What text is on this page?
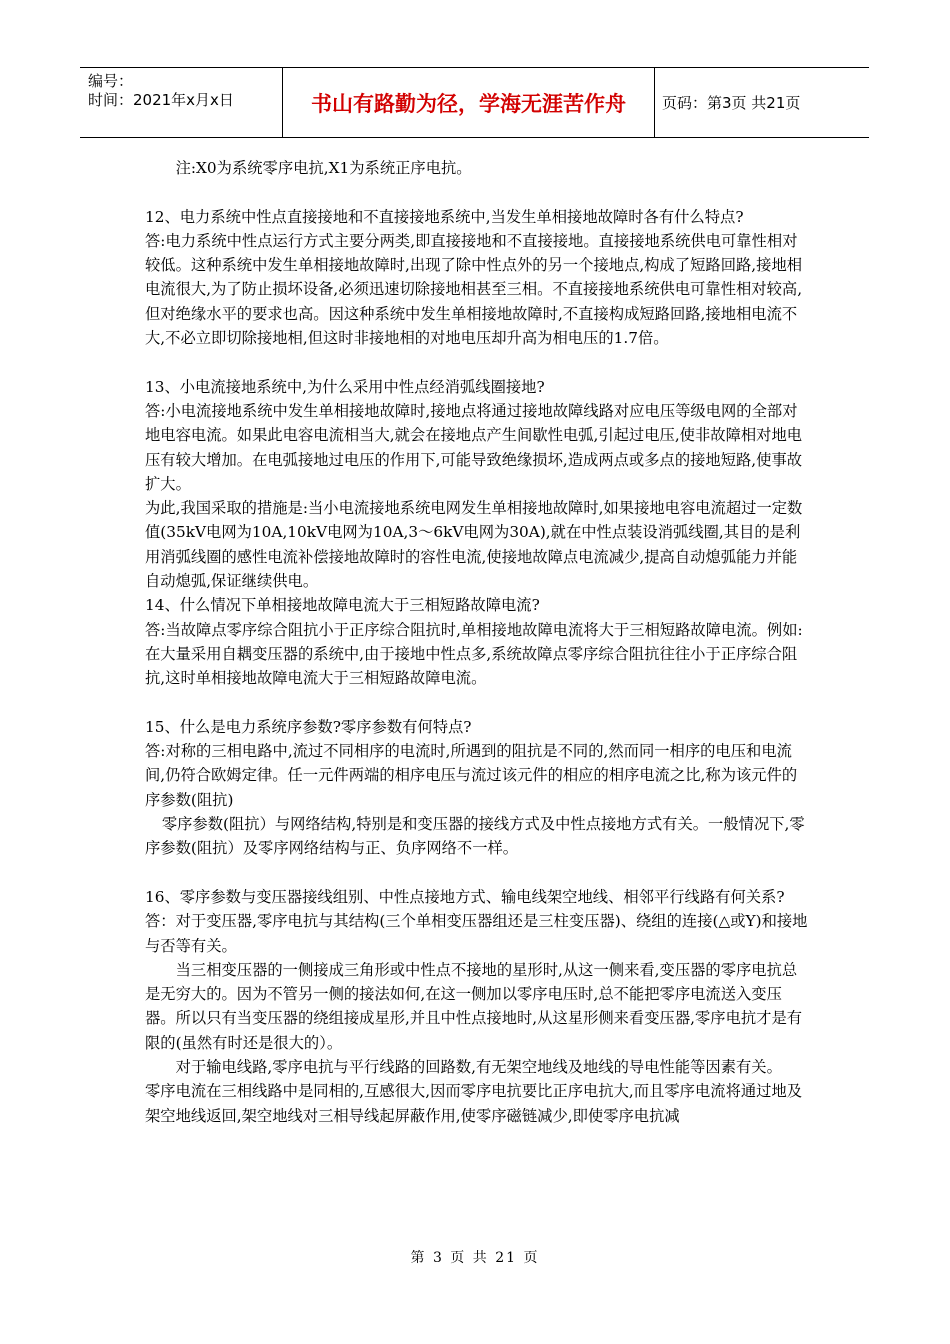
编号：
时间：2021年x月x日	书山有路勤为径，学海无涯苦作舟	页码：第3页 共21页

注:X0为系统零序电抗,X1为系统正序电抗。

12、电力系统中性点直接接地和不直接接地系统中,当发生单相接地故障时各有什么特点?

答:电力系统中性点运行方式主要分两类,即直接接地和不直接接地。直接接地系统供电可靠性相对较低。这种系统中发生单相接地故障时,出现了除中性点外的另一个接地点,构成了短路回路,接地相电流很大,为了防止损坏设备,必须迅速切除接地相甚至三相。不直接接地系统供电可靠性相对较高,但对绝缘水平的要求也高。因这种系统中发生单相接地故障时,不直接构成短路回路,接地相电流不大,不必立即切除接地相,但这时非接地相的对地电压却升高为相电压的1.7倍。

13、小电流接地系统中,为什么采用中性点经消弧线圈接地?

答:小电流接地系统中发生单相接地故障时,接地点将通过接地故障线路对应电压等级电网的全部对地电容电流。如果此电容电流相当大,就会在接地点产生间歇性电弧,引起过电压,使非故障相对地电压有较大增加。在电弧接地过电压的作用下,可能导致绝缘损坏,造成两点或多点的接地短路,使事故扩大。

为此,我国采取的措施是:当小电流接地系统电网发生单相接地故障时,如果接地电容电流超过一定数值(35kV电网为10A,10kV电网为10A,3～6kV电网为30A),就在中性点装设消弧线圈,其目的是利用消弧线圈的感性电流补偿接地故障时的容性电流,使接地故障点电流减少,提高自动熄弧能力并能自动熄弧,保证继续供电。

14、什么情况下单相接地故障电流大于三相短路故障电流?

答:当故障点零序综合阻抗小于正序综合阻抗时,单相接地故障电流将大于三相短路故障电流。例如:在大量采用自耦变压器的系统中,由于接地中性点多,系统故障点零序综合阻抗往往小于正序综合阻抗,这时单相接地故障电流大于三相短路故障电流。

15、什么是电力系统序参数?零序参数有何特点?

答:对称的三相电路中,流过不同相序的电流时,所遇到的阻抗是不同的,然而同一相序的电压和电流间,仍符合欧姆定律。任一元件两端的相序电压与流过该元件的相应的相序电流之比,称为该元件的序参数(阻抗)

零序参数(阻抗）与网络结构,特别是和变压器的接线方式及中性点接地方式有关。一般情况下,零序参数(阻抗）及零序网络结构与正、负序网络不一样。

16、零序参数与变压器接线组别、中性点接地方式、输电线架空地线、相邻平行线路有何关系?

答：对于变压器,零序电抗与其结构(三个单相变压器组还是三柱变压器)、绕组的连接(△或Y)和接地与否等有关。

当三相变压器的一侧接成三角形或中性点不接地的星形时,从这一侧来看,变压器的零序电抗总是无穷大的。因为不管另一侧的接法如何,在这一侧加以零序电压时,总不能把零序电流送入变压器。所以只有当变压器的绕组接成星形,并且中性点接地时,从这星形侧来看变压器,零序电抗才是有限的(虽然有时还是很大的）。

对于输电线路,零序电抗与平行线路的回路数,有无架空地线及地线的导电性能等因素有关。

零序电流在三相线路中是同相的,互感很大,因而零序电抗要比正序电抗大,而且零序电流将通过地及架空地线返回,架空地线对三相导线起屏蔽作用,使零序磁链减少,即使零序电抗减

第 3 页 共 21 页
